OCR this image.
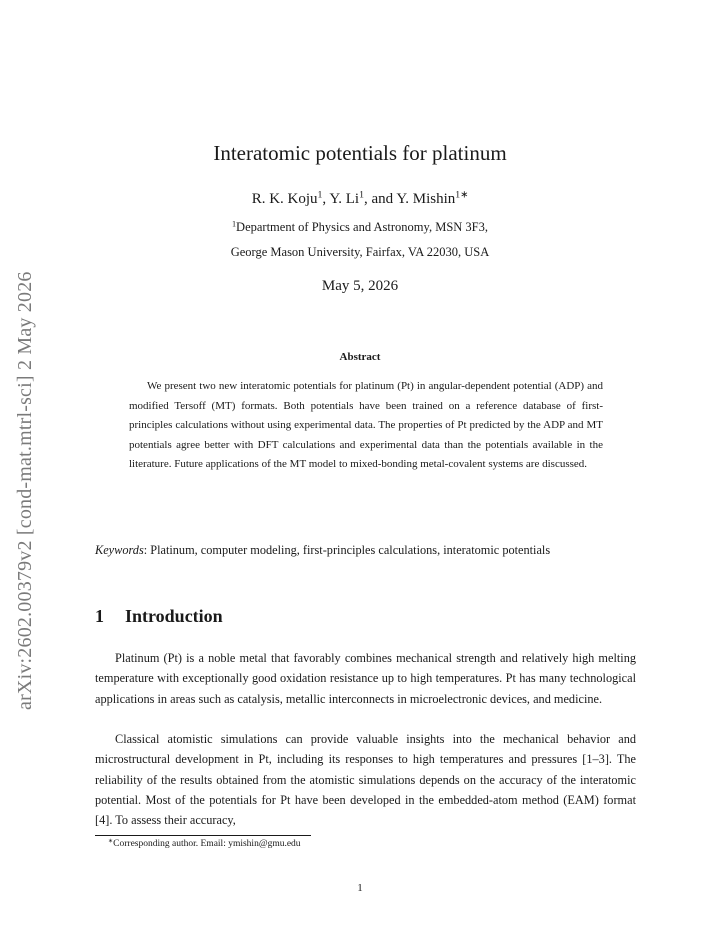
arXiv:2602.00379v2 [cond-mat.mtrl-sci] 2 May 2026
Interatomic potentials for platinum
R. K. Koju$^1$, Y. Li$^1$, and Y. Mishin$^{1∗}$
$^1$Department of Physics and Astronomy, MSN 3F3,
George Mason University, Fairfax, VA 22030, USA
May 5, 2026
Abstract
We present two new interatomic potentials for platinum (Pt) in angular-dependent potential (ADP) and modified Tersoff (MT) formats. Both potentials have been trained on a reference database of first-principles calculations without using experimental data. The properties of Pt predicted by the ADP and MT potentials agree better with DFT calculations and experimental data than the potentials available in the literature. Future applications of the MT model to mixed-bonding metal-covalent systems are discussed.
Keywords: Platinum, computer modeling, first-principles calculations, interatomic potentials
1 Introduction
Platinum (Pt) is a noble metal that favorably combines mechanical strength and relatively high melting temperature with exceptionally good oxidation resistance up to high temperatures. Pt has many technological applications in areas such as catalysis, metallic interconnects in microelectronic devices, and medicine.
Classical atomistic simulations can provide valuable insights into the mechanical behavior and microstructural development in Pt, including its responses to high temperatures and pressures [1–3]. The reliability of the results obtained from the atomistic simulations depends on the accuracy of the interatomic potential. Most of the potentials for Pt have been developed in the embedded-atom method (EAM) format [4]. To assess their accuracy,
∗Corresponding author. Email: ymishin@gmu.edu
1
